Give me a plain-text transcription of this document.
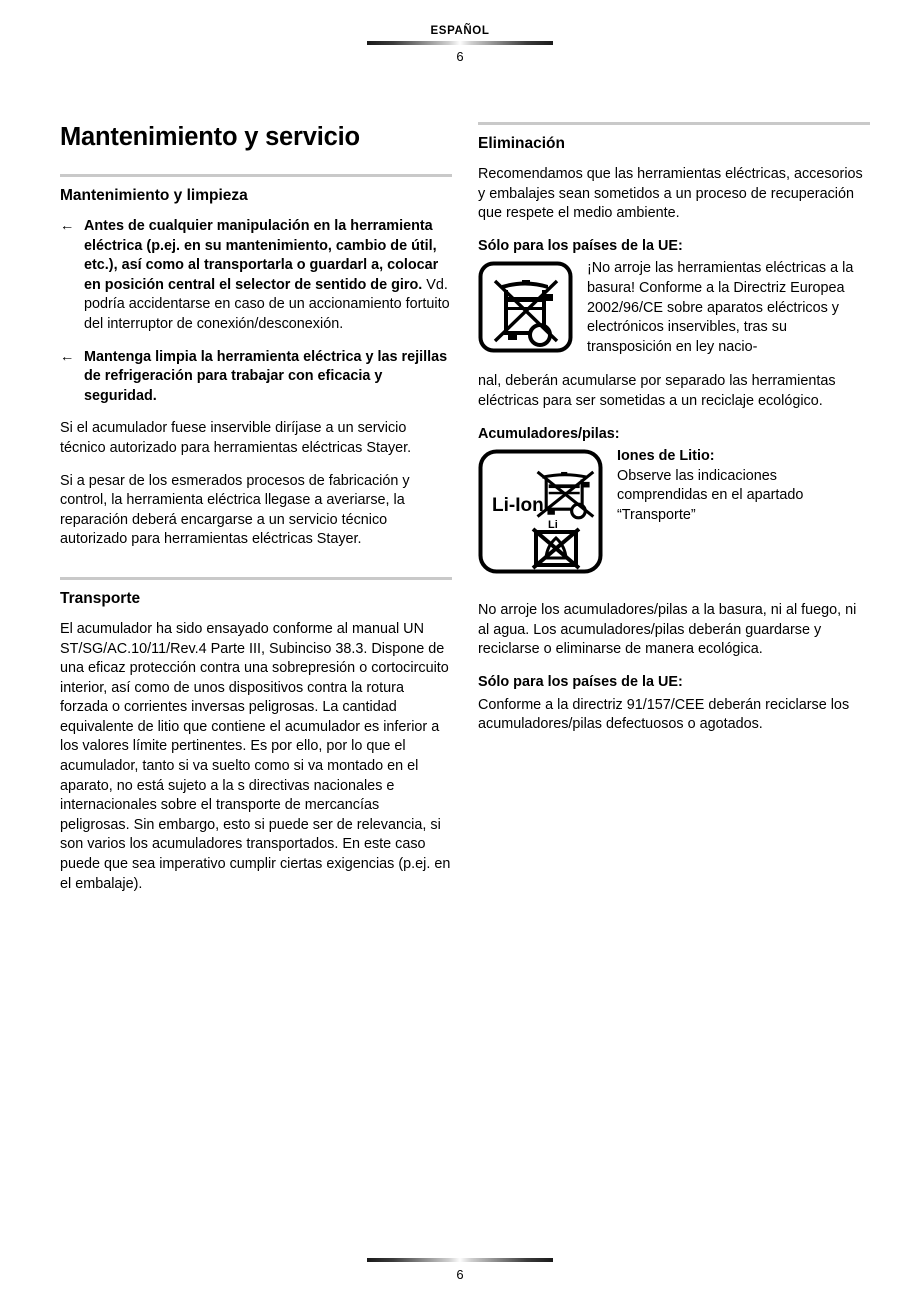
ESPAÑOL
6
Mantenimiento y servicio
Mantenimiento y limpieza
← Antes de cualquier manipulación en la herramienta eléctrica (p.ej. en su mantenimiento, cambio de útil, etc.), así como al transportarla o guardarl a, colocar en posición central el selector de sentido de giro. Vd. podría accidentarse en caso de un accionamiento fortuito del interruptor de conexión/desconexión.
← Mantenga limpia la herramienta eléctrica y las rejillas de refrigeración para trabajar con eficacia y seguridad.

Si el acumulador fuese inservible diríjase a un servicio técnico autorizado para herramientas eléctricas Stayer.

Si a pesar de los esmerados procesos de fabricación y control, la herramienta eléctrica llegase a averiarse, la reparación deberá encargarse a un servicio técnico autorizado para herramientas eléctricas Stayer.

Transporte

El acumulador ha sido ensayado conforme al manual UN ST/SG/AC.10/11/Rev.4 Parte III, Subinciso 38.3. Dispone de una eficaz protección contra una sobrepresión o cortocircuito interior, así como de unos dispositivos contra la rotura forzada o corrientes inversas peligrosas. La cantidad equivalente de litio que contiene el acumulador es inferior a los valores límite pertinentes. Es por ello, por lo que el acumulador, tanto si va suelto como si va montado en el aparato, no está sujeto a la s directivas nacionales e internacionales sobre el transporte de mercancías peligrosas. Sin embargo, esto si puede ser de relevancia, si son varios los acumuladores transportados. En este caso puede que sea imperativo cumplir ciertas exigencias (p.ej. en el embalaje).

Eliminación

Recomendamos que las herramientas eléctricas, accesorios y embalajes sean sometidos a un proceso de recuperación que respete el medio ambiente.

Sólo para los países de la UE:
¡No arroje las herramientas eléctricas a la basura! Conforme a la Directriz Europea 2002/96/CE sobre aparatos eléctricos y electrónicos inservibles, tras su transposición en ley nacio-

nal, deberán acumularse por separado las herramientas eléctricas para ser sometidas a un reciclaje ecológico.

Acumuladores/pilas:
Li-Ion
Li
Iones de Litio:
Observe las indicaciones comprendidas en el apartado “Transporte”

No arroje los acumuladores/pilas a la basura, ni al fuego, ni al agua. Los acumuladores/pilas deberán guardarse y reciclarse o eliminarse de manera ecológica.

Sólo para los países de la UE:

Conforme a la directriz 91/157/CEE deberán reciclarse los acumuladores/pilas defectuosos o agotados.

6
